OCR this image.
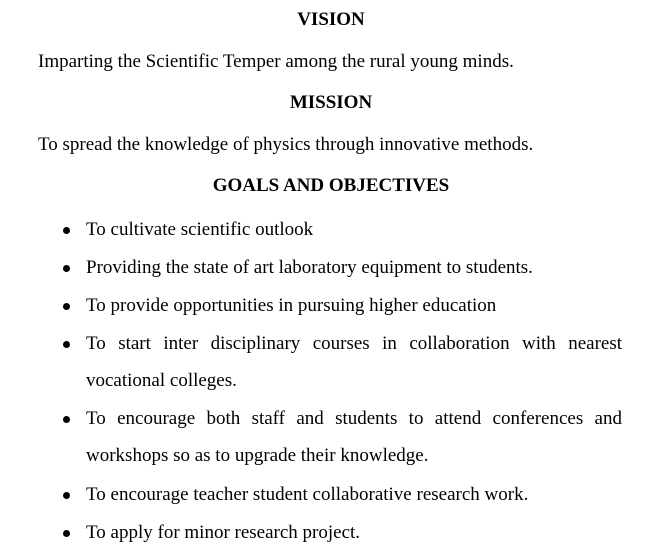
VISION
Imparting the Scientific Temper among the rural young minds.
MISSION
To spread the knowledge of physics through innovative methods.
GOALS AND OBJECTIVES
To cultivate scientific outlook
Providing the state of art laboratory equipment to students.
To provide opportunities in pursuing higher education
To start inter disciplinary courses in collaboration with nearest vocational colleges.
To encourage both staff and students to attend conferences and workshops so as to upgrade their knowledge.
To encourage teacher student collaborative research work.
To apply for minor research project.
